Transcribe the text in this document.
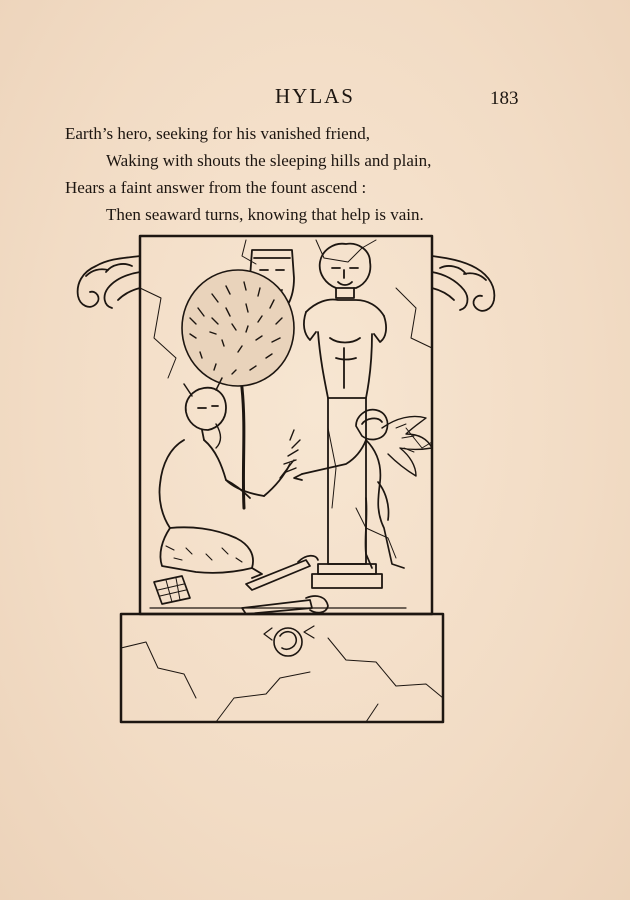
HYLAS	183
Earth’s hero, seeking for his vanished friend,
Waking with shouts the sleeping hills and plain,
Hears a faint answer from the fount ascend :
Then seaward turns, knowing that help is vain.
